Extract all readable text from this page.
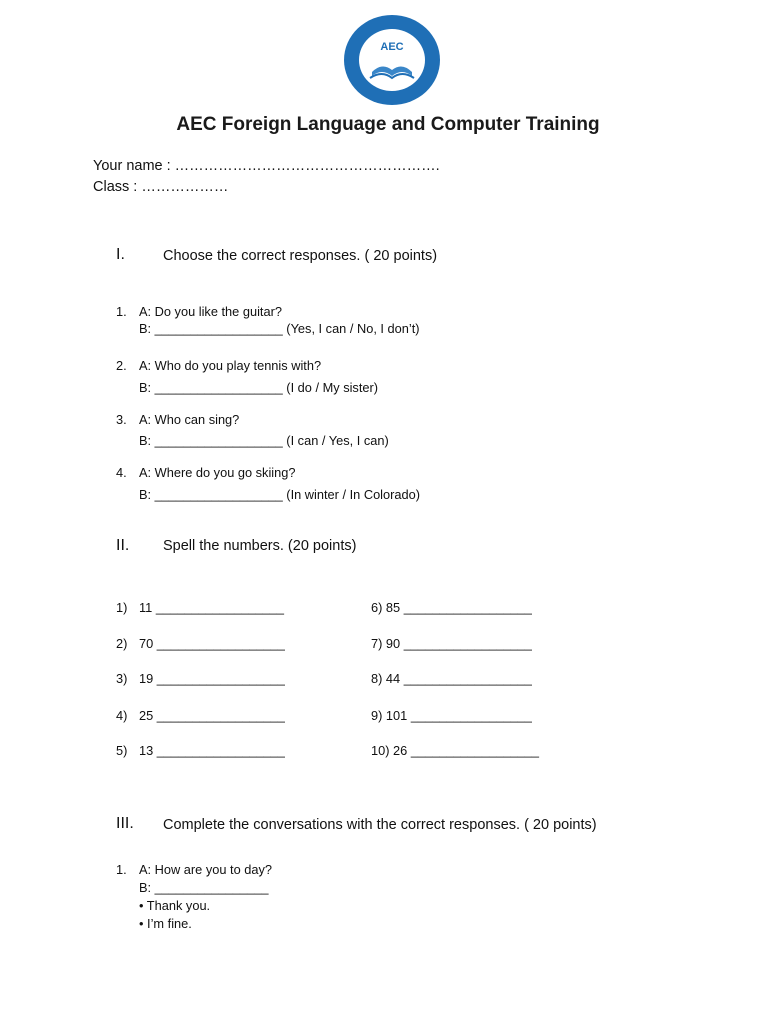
AEC
AEC Foreign Language and Computer Training
Your name : ……………………………………………….
Class : ………………
I.	Choose the correct responses. ( 20 points)
1. A: Do you like the guitar?
B: __________________ (Yes, I can / No, I don’t)
2. A: Who do you play tennis with?
B: __________________ (I do / My sister)
3. A: Who can sing?
B: __________________ (I can / Yes, I can)
4. A: Where do you go skiing?
B: __________________ (In winter / In Colorado)
II. Spell the numbers. (20 points)
1) 11 __________________	6) 85 __________________
2) 70 __________________	7) 90 __________________
3) 19 __________________	8) 44 __________________
4) 25 __________________	9) 101 _________________
5) 13 __________________	10) 26 __________________
III. Complete the conversations with the correct responses. ( 20 points)
1. A: How are you to day?
B: ________________
• Thank you.
• I’m fine.
